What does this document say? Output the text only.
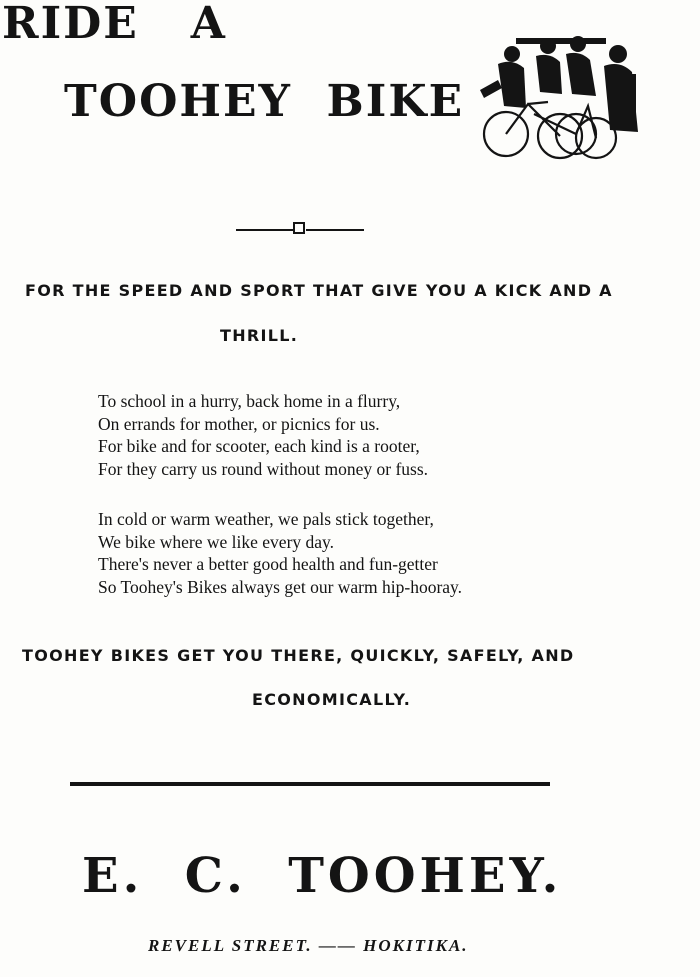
RIDE   A
TOOHEY  BIKE
FOR THE SPEED AND SPORT THAT GIVE YOU A KICK AND A
THRILL.
To school in a hurry, back home in a flurry,
On errands for mother, or picnics for us.
For bike and for scooter, each kind is a rooter,
For they carry us round without money or fuss.
In cold or warm weather, we pals stick together,
We bike where we like every day.
There's never a better good health and fun-getter
So Toohey's Bikes always get our warm hip-hooray.
TOOHEY BIKES GET YOU THERE, QUICKLY, SAFELY, AND
ECONOMICALLY.
E.  C.  TOOHEY.
REVELL STREET. —— HOKITIKA.
